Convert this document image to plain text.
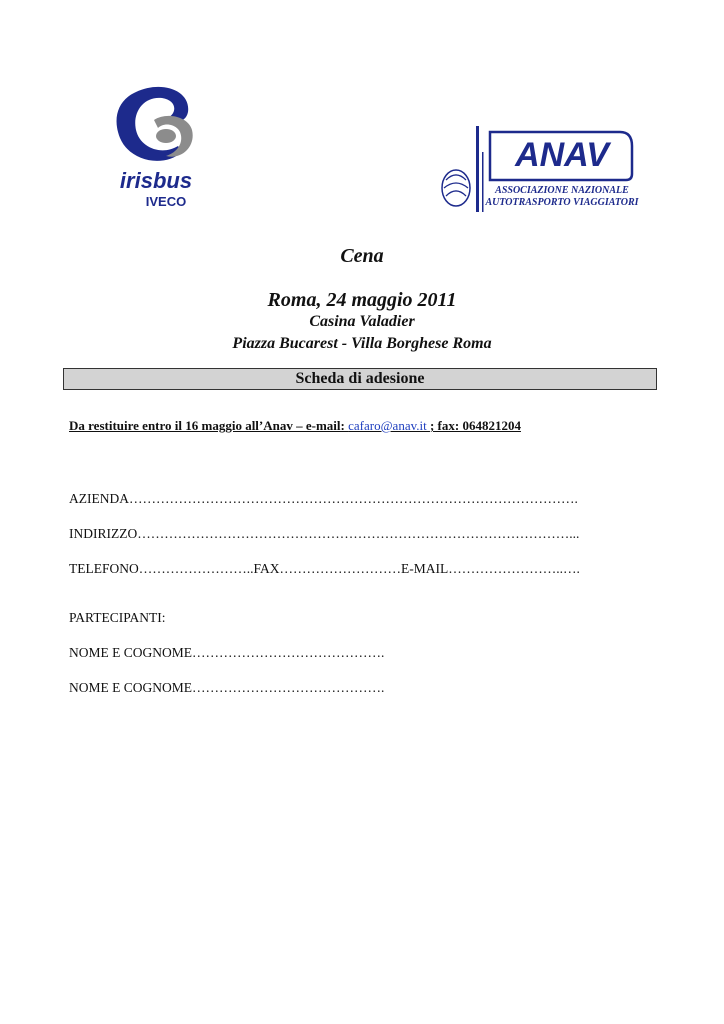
irisbus
IVECO
ANAV
ASSOCIAZIONE NAZIONALE
AUTOTRASPORTO VIAGGIATORI
Cena
Roma, 24 maggio 2011
Casina Valadier
Piazza Bucarest - Villa Borghese Roma
Scheda di adesione
Da restituire entro il 16 maggio all’Anav – e-mail: cafaro@anav.it ; fax: 064821204
AZIENDA……………………………………………………………………………………….
INDIRIZZO……………………………………………………………………………………...
TELEFONO……………………..FAX………………………E-MAIL……………………..….
PARTECIPANTI:
NOME E COGNOME…………………………………….
NOME E COGNOME…………………………………….
